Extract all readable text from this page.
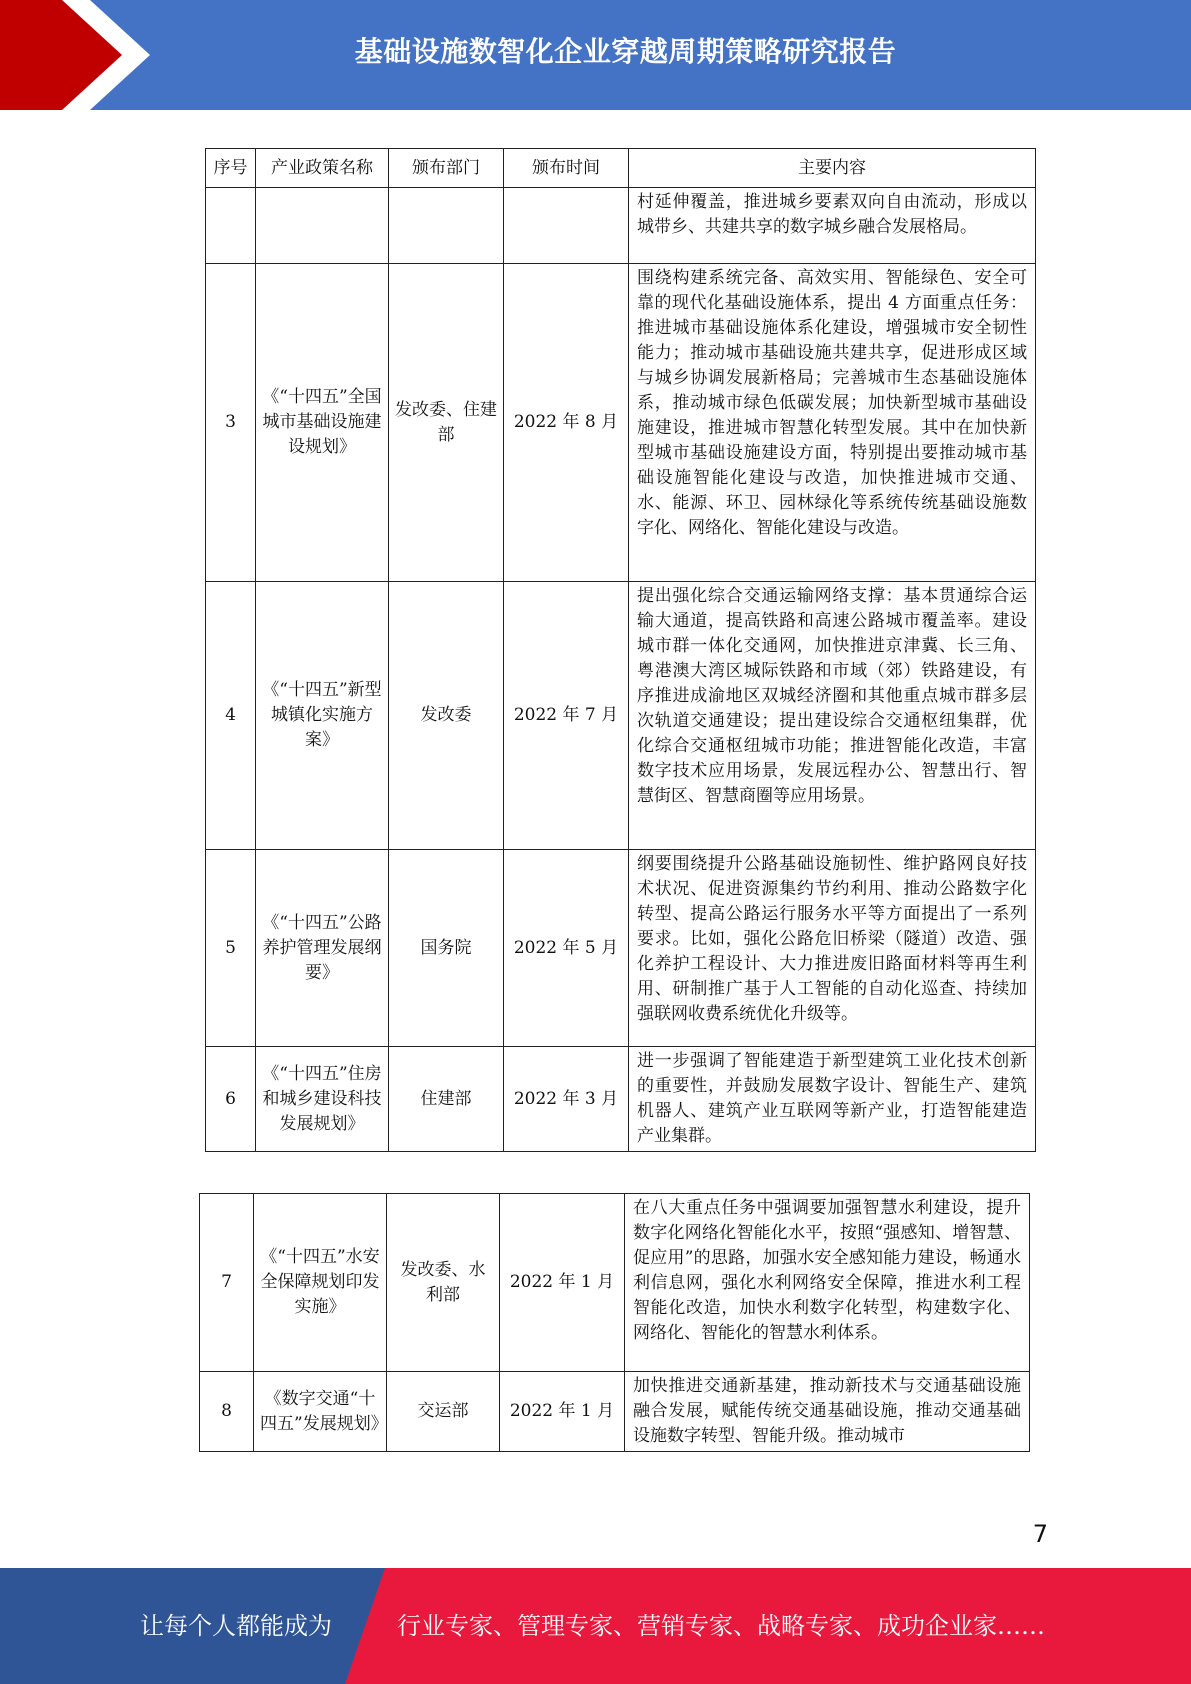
基础设施数智化企业穿越周期策略研究报告
序号	产业政策名称	颁布部门	颁布时间	主要内容
				村延伸覆盖，推进城乡要素双向自由流动，形成以城带乡、共建共享的数字城乡融合发展格局。
3	《“十四五”全国城市基础设施建设规划》	发改委、住建部	2022 年 8 月	围绕构建系统完备、高效实用、智能绿色、安全可靠的现代化基础设施体系，提出 4 方面重点任务：推进城市基础设施体系化建设，增强城市安全韧性能力；推动城市基础设施共建共享，促进形成区域与城乡协调发展新格局；完善城市生态基础设施体系，推动城市绿色低碳发展；加快新型城市基础设施建设，推进城市智慧化转型发展。其中在加快新型城市基础设施建设方面，特别提出要推动城市基础设施智能化建设与改造，加快推进城市交通、水、能源、环卫、园林绿化等系统传统基础设施数字化、网络化、智能化建设与改造。
4	《“十四五”新型城镇化实施方案》	发改委	2022 年 7 月	提出强化综合交通运输网络支撑：基本贯通综合运输大通道，提高铁路和高速公路城市覆盖率。建设城市群一体化交通网，加快推进京津冀、长三角、粤港澳大湾区城际铁路和市域（郊）铁路建设，有序推进成渝地区双城经济圈和其他重点城市群多层次轨道交通建设；提出建设综合交通枢纽集群，优化综合交通枢纽城市功能；推进智能化改造，丰富数字技术应用场景，发展远程办公、智慧出行、智慧街区、智慧商圈等应用场景。
5	《“十四五”公路养护管理发展纲要》	国务院	2022 年 5 月	纲要围绕提升公路基础设施韧性、维护路网良好技术状况、促进资源集约节约利用、推动公路数字化转型、提高公路运行服务水平等方面提出了一系列要求。比如，强化公路危旧桥梁（隧道）改造、强化养护工程设计、大力推进废旧路面材料等再生利用、研制推广基于人工智能的自动化巡查、持续加强联网收费系统优化升级等。
6	《“十四五”住房和城乡建设科技发展规划》	住建部	2022 年 3 月	进一步强调了智能建造于新型建筑工业化技术创新的重要性，并鼓励发展数字设计、智能生产、建筑机器人、建筑产业互联网等新产业，打造智能建造产业集群。
7	《“十四五”水安全保障规划印发实施》	发改委、水利部	2022 年 1 月	在八大重点任务中强调要加强智慧水利建设，提升数字化网络化智能化水平，按照“强感知、增智慧、促应用”的思路，加强水安全感知能力建设，畅通水利信息网，强化水利网络安全保障，推进水利工程智能化改造，加快水利数字化转型，构建数字化、网络化、智能化的智慧水利体系。
8	《数字交通“十四五”发展规划》	交运部	2022 年 1 月	加快推进交通新基建，推动新技术与交通基础设施融合发展，赋能传统交通基础设施，推动交通基础设施数字转型、智能升级。推动城市
7
让每个人都能成为	行业专家、管理专家、营销专家、战略专家、成功企业家……
